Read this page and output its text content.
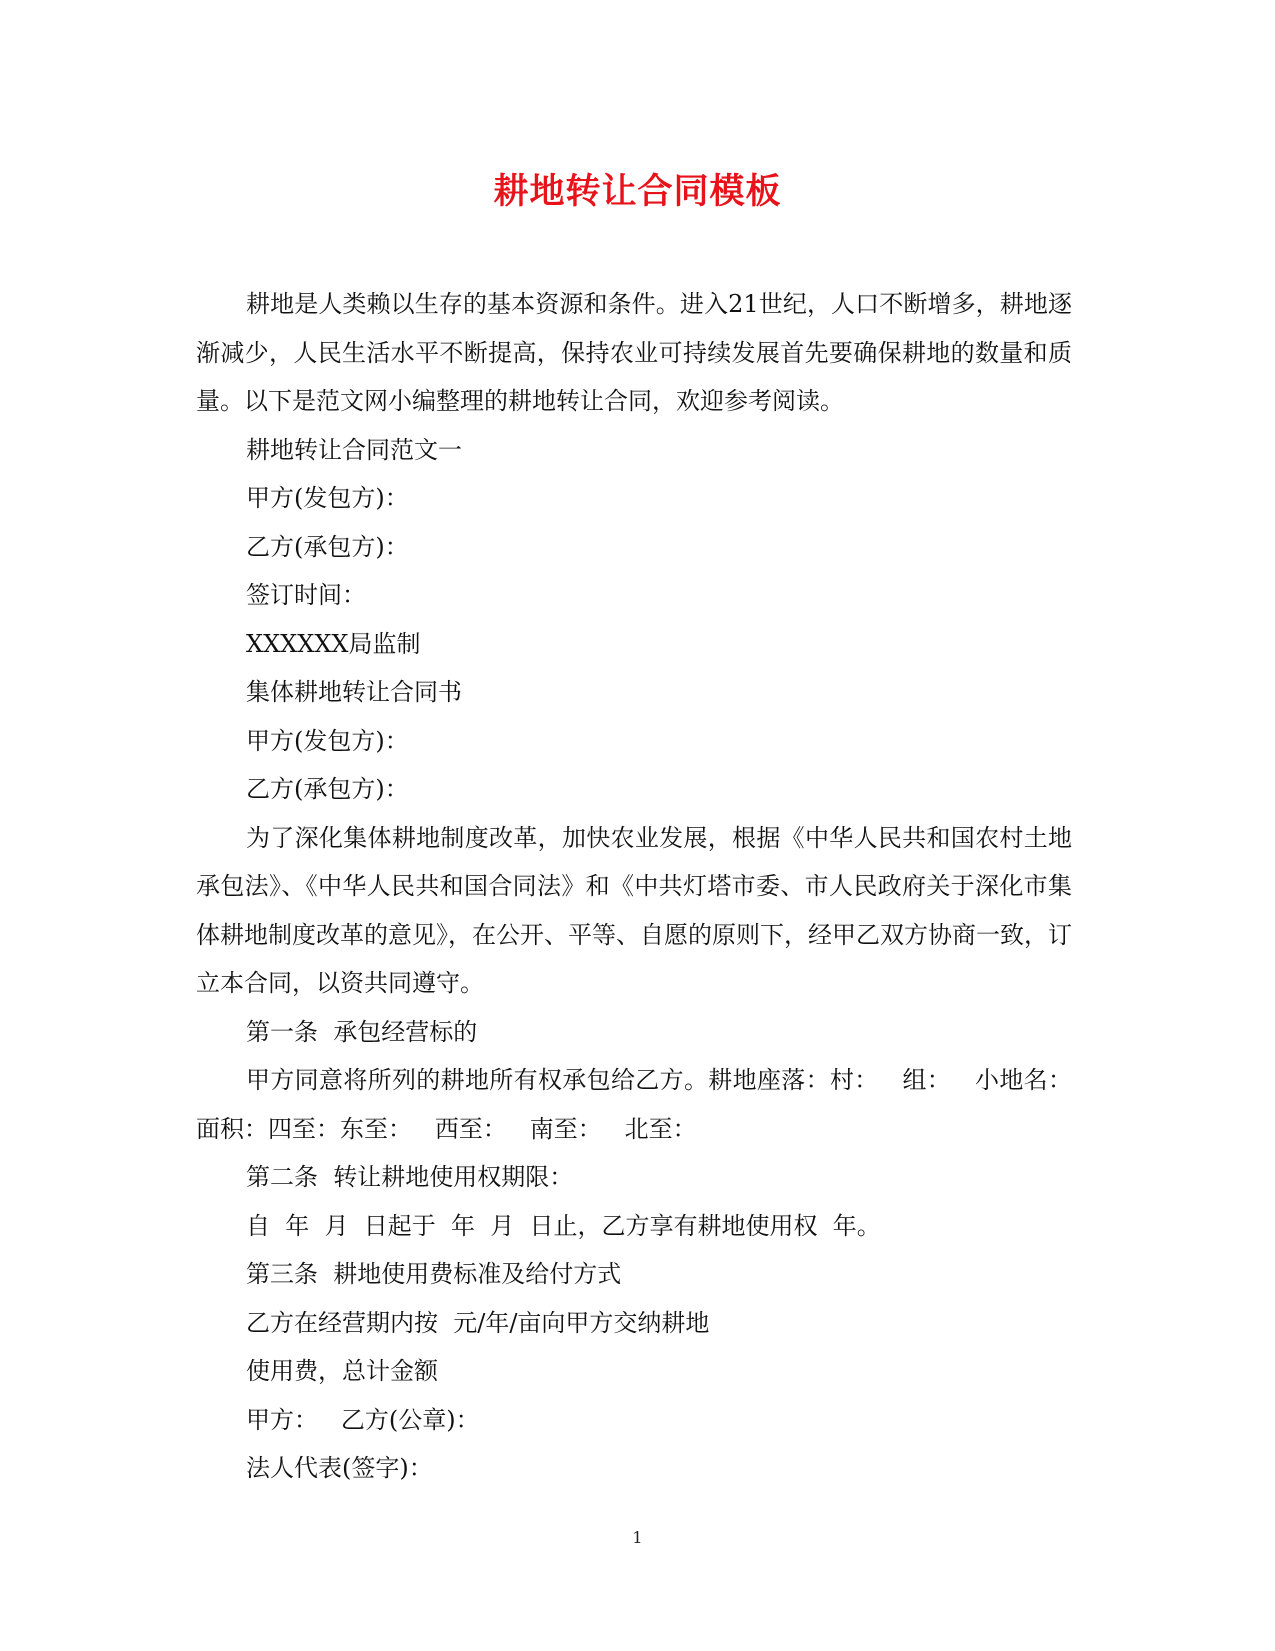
耕地转让合同模板

耕地是人类赖以生存的基本资源和条件。进入21世纪，人口不断增多，耕地逐渐减少，人民生活水平不断提高，保持农业可持续发展首先要确保耕地的数量和质量。以下是范文网小编整理的耕地转让合同，欢迎参考阅读。

耕地转让合同范文一

甲方(发包方)：

乙方(承包方)：

签订时间：

XXXXXX局监制

集体耕地转让合同书

甲方(发包方)：

乙方(承包方)：

为了深化集体耕地制度改革，加快农业发展，根据《中华人民共和国农村土地承包法》、《中华人民共和国合同法》和《中共灯塔市委、市人民政府关于深化市集体耕地制度改革的意见》，在公开、平等、自愿的原则下，经甲乙双方协商一致，订立本合同，以资共同遵守。

第一条  承包经营标的

甲方同意将所列的耕地所有权承包给乙方。耕地座落：村：   组：   小地名：  面积：四至：东至：   西至：   南至：   北至：

第二条  转让耕地使用权期限：

自  年  月  日起于  年  月  日止，乙方享有耕地使用权  年。

第三条  耕地使用费标准及给付方式

乙方在经营期内按  元/年/亩向甲方交纳耕地

使用费，总计金额

甲方：   乙方(公章)：

法人代表(签字)：

1
